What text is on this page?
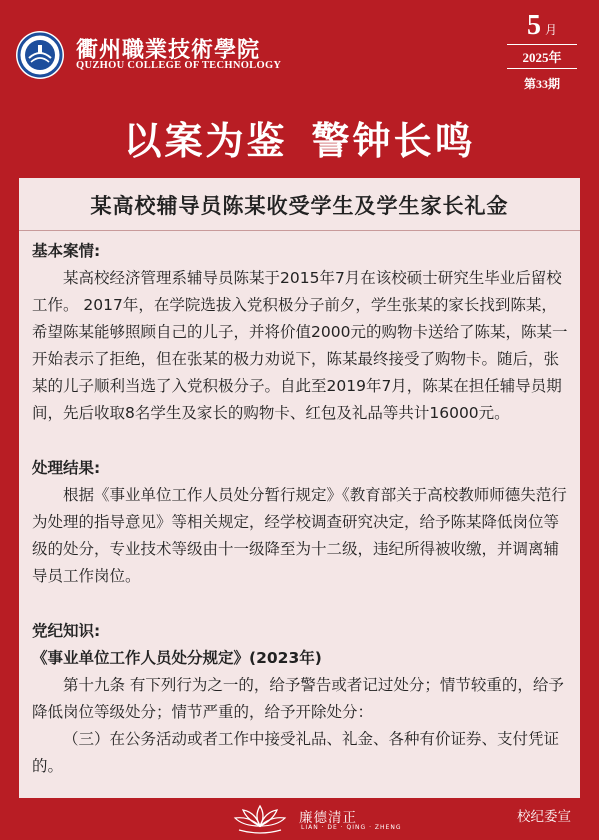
衢州職業技術學院
QUZHOU COLLEGE OF TECHNOLOGY
5 月
2025年
第33期
以案为鉴 警钟长鸣
某高校辅导员陈某收受学生及学生家长礼金
基本案情:

某高校经济管理系辅导员陈某于2015年7月在该校硕士研究生毕业后留校工作。 2017年，在学院选拔入党积极分子前夕，学生张某的家长找到陈某，希望陈某能够照顾自己的儿子，并将价值2000元的购物卡送给了陈某，陈某一开始表示了拒绝，但在张某的极力劝说下，陈某最终接受了购物卡。随后，张某的儿子顺利当选了入党积极分子。自此至2019年7月，陈某在担任辅导员期间，先后收取8名学生及家长的购物卡、红包及礼品等共计16000元。

处理结果:

根据《事业单位工作人员处分暂行规定》《教育部关于高校教师师德失范行为处理的指导意见》等相关规定，经学校调查研究决定，给予陈某降低岗位等级的处分，专业技术等级由十一级降至为十二级，违纪所得被收缴，并调离辅导员工作岗位。

党纪知识:
《事业单位工作人员处分规定》(2023年)

第十九条 有下列行为之一的，给予警告或者记过处分；情节较重的，给予降低岗位等级处分；情节严重的，给予开除处分：

（三）在公务活动或者工作中接受礼品、礼金、各种有价证券、支付凭证的。

廉德清正
LIAN · DE · QING · ZHENG
校纪委宣
